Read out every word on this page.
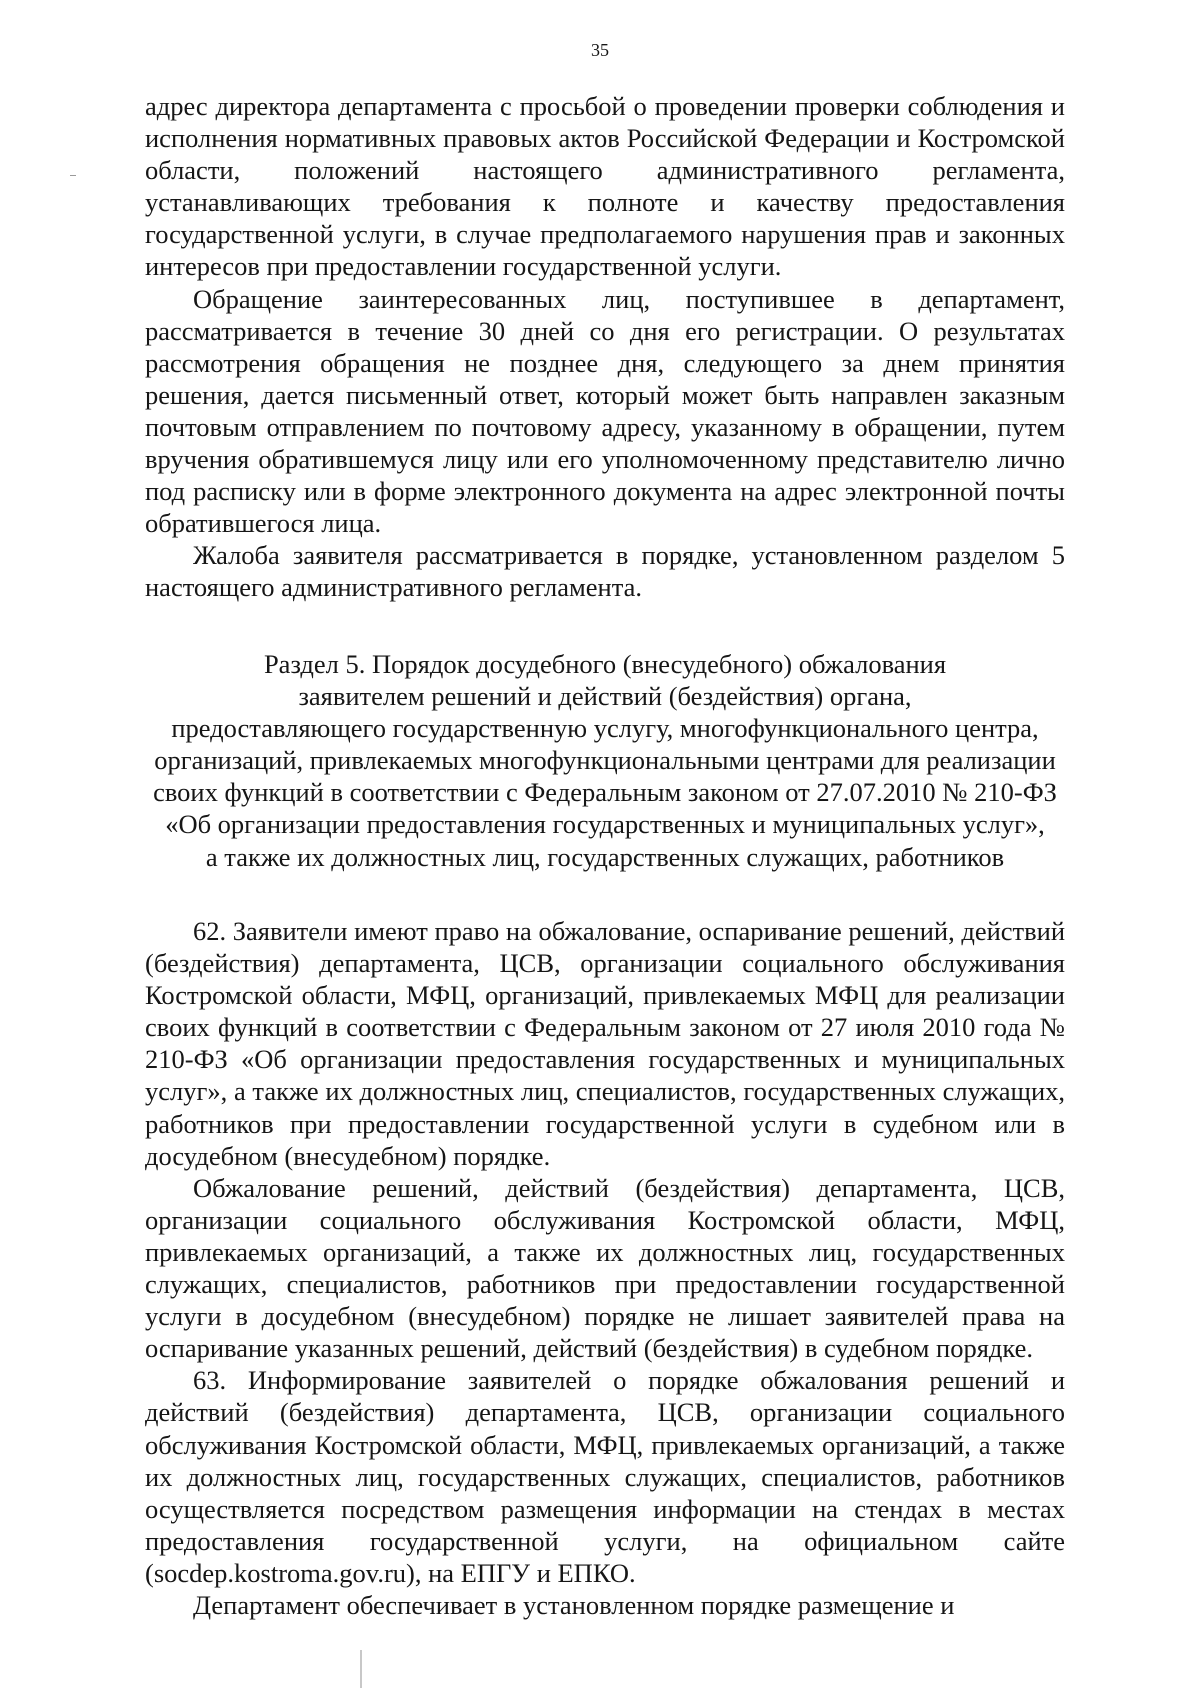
35

адрес директора департамента с просьбой о проведении проверки соблюдения и исполнения нормативных правовых актов Российской Федерации и Костромской области, положений настоящего административного регламента, устанавливающих требования к полноте и качеству предоставления государственной услуги, в случае предполагаемого нарушения прав и законных интересов при предоставлении государственной услуги.

Обращение заинтересованных лиц, поступившее в департамент, рассматривается в течение 30 дней со дня его регистрации. О результатах рассмотрения обращения не позднее дня, следующего за днем принятия решения, дается письменный ответ, который может быть направлен заказным почтовым отправлением по почтовому адресу, указанному в обращении, путем вручения обратившемуся лицу или его уполномоченному представителю лично под расписку или в форме электронного документа на адрес электронной почты обратившегося лица.

Жалоба заявителя рассматривается в порядке, установленном разделом 5 настоящего административного регламента.

Раздел 5. Порядок досудебного (внесудебного) обжалования
заявителем решений и действий (бездействия) органа,
предоставляющего государственную услугу, многофункционального центра,
организаций, привлекаемых многофункциональными центрами для реализации
своих функций в соответствии с Федеральным законом от 27.07.2010 № 210-ФЗ
«Об организации предоставления государственных и муниципальных услуг»,
а также их должностных лиц, государственных служащих, работников

62. Заявители имеют право на обжалование, оспаривание решений, действий (бездействия) департамента, ЦСВ, организации социального обслуживания Костромской области, МФЦ, организаций, привлекаемых МФЦ для реализации своих функций в соответствии с Федеральным законом от 27 июля 2010 года № 210-ФЗ «Об организации предоставления государственных и муниципальных услуг», а также их должностных лиц, специалистов, государственных служащих, работников при предоставлении государственной услуги в судебном или в досудебном (внесудебном) порядке.

Обжалование решений, действий (бездействия) департамента, ЦСВ, организации социального обслуживания Костромской области, МФЦ, привлекаемых организаций, а также их должностных лиц, государственных служащих, специалистов, работников при предоставлении государственной услуги в досудебном (внесудебном) порядке не лишает заявителей права на оспаривание указанных решений, действий (бездействия) в судебном порядке.

63. Информирование заявителей о порядке обжалования решений и действий (бездействия) департамента, ЦСВ, организации социального обслуживания Костромской области, МФЦ, привлекаемых организаций, а также их должностных лиц, государственных служащих, специалистов, работников осуществляется посредством размещения информации на стендах в местах предоставления государственной услуги, на официальном сайте (socdep.kostroma.gov.ru), на ЕПГУ и ЕПКО.

Департамент обеспечивает в установленном порядке размещение и
